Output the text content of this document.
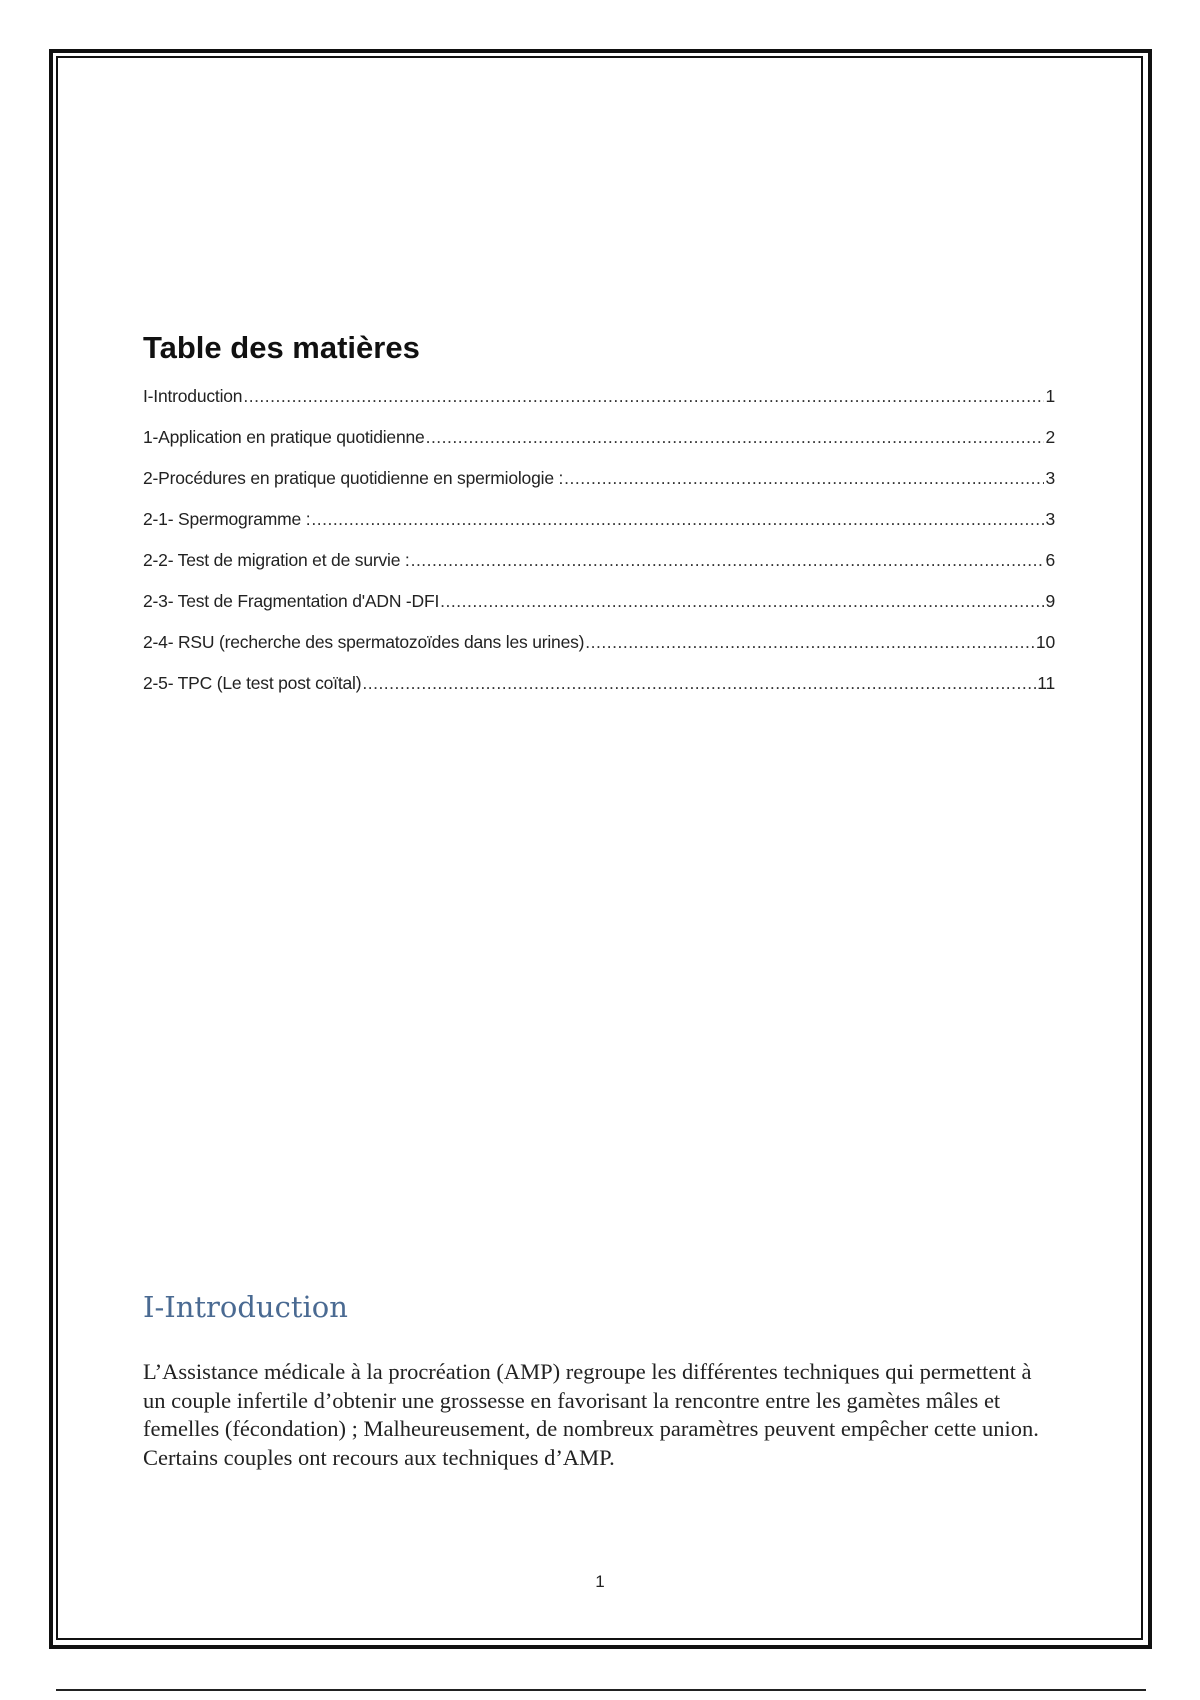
Table des matières
I-Introduction .....	1
1-Application en pratique quotidienne .....	2
2-Procédures en pratique quotidienne en spermiologie : .....	3
2-1- Spermogramme : .....	3
2-2- Test de migration et de survie : .....	6
2-3- Test de Fragmentation d'ADN -DFI .....	9
2-4- RSU (recherche des spermatozoïdes dans les urines) .....	10
2-5- TPC (Le test post coïtal) .....	11
I-Introduction

L’Assistance médicale à la procréation (AMP) regroupe les différentes techniques qui permettent à un couple infertile d’obtenir une grossesse en favorisant la rencontre entre les gamètes mâles et femelles (fécondation) ; Malheureusement, de nombreux paramètres peuvent empêcher cette union. Certains couples ont recours aux techniques d’AMP.

1
